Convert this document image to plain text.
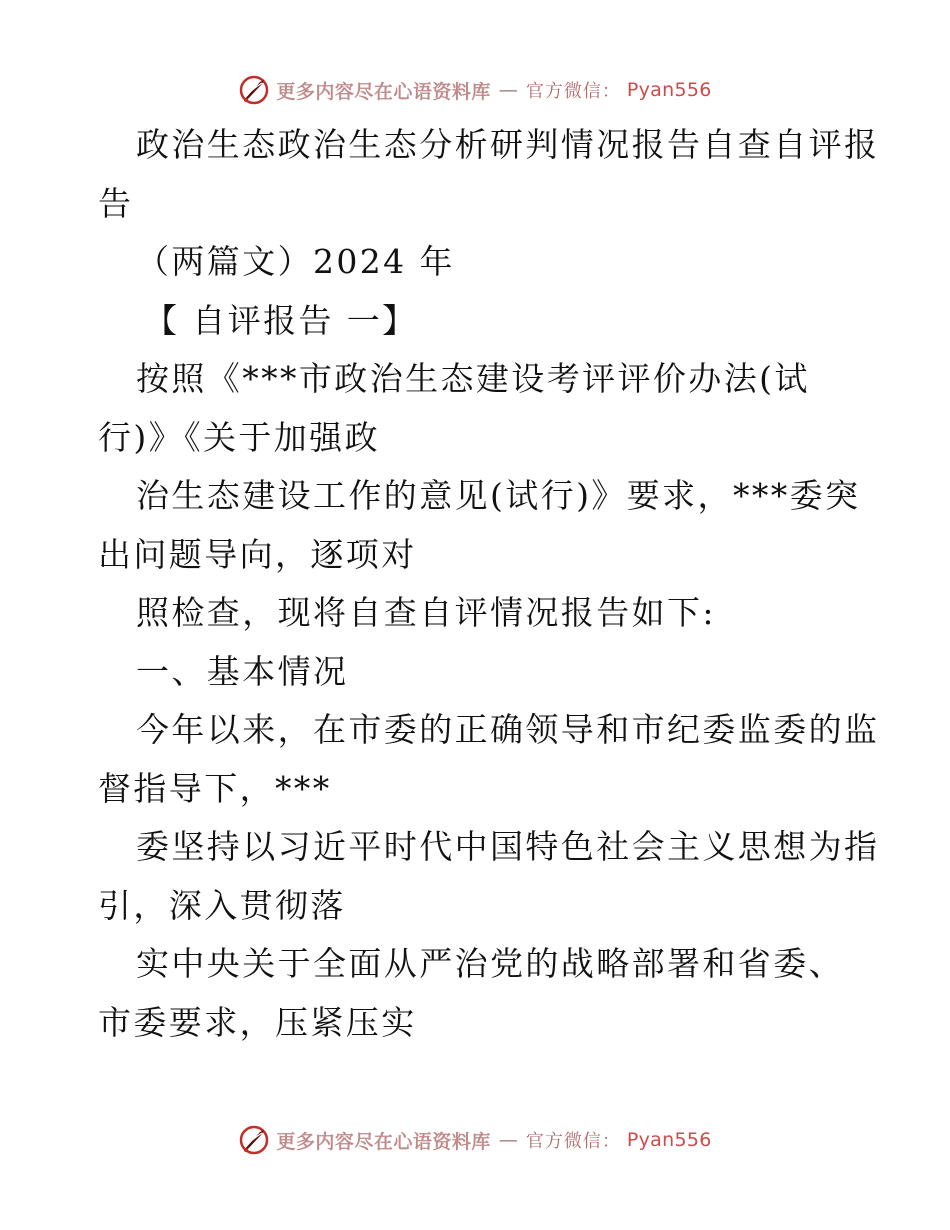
更多内容尽在心语资料库 — 官方微信： Pyan556
政治生态政治生态分析研判情况报告自查自评报
告
（两篇文）2024 年
【 自评报告 一】
按照《***市政治生态建设考评评价办法(试
行)》《关于加强政
治生态建设工作的意见(试行)》要求，***委突
出问题导向，逐项对
照检查，现将自查自评情况报告如下:
一、基本情况
今年以来，在市委的正确领导和市纪委监委的监
督指导下，***
委坚持以习近平时代中国特色社会主义思想为指
引，深入贯彻落
实中央关于全面从严治党的战略部署和省委、
市委要求，压紧压实
更多内容尽在心语资料库 — 官方微信： Pyan556
